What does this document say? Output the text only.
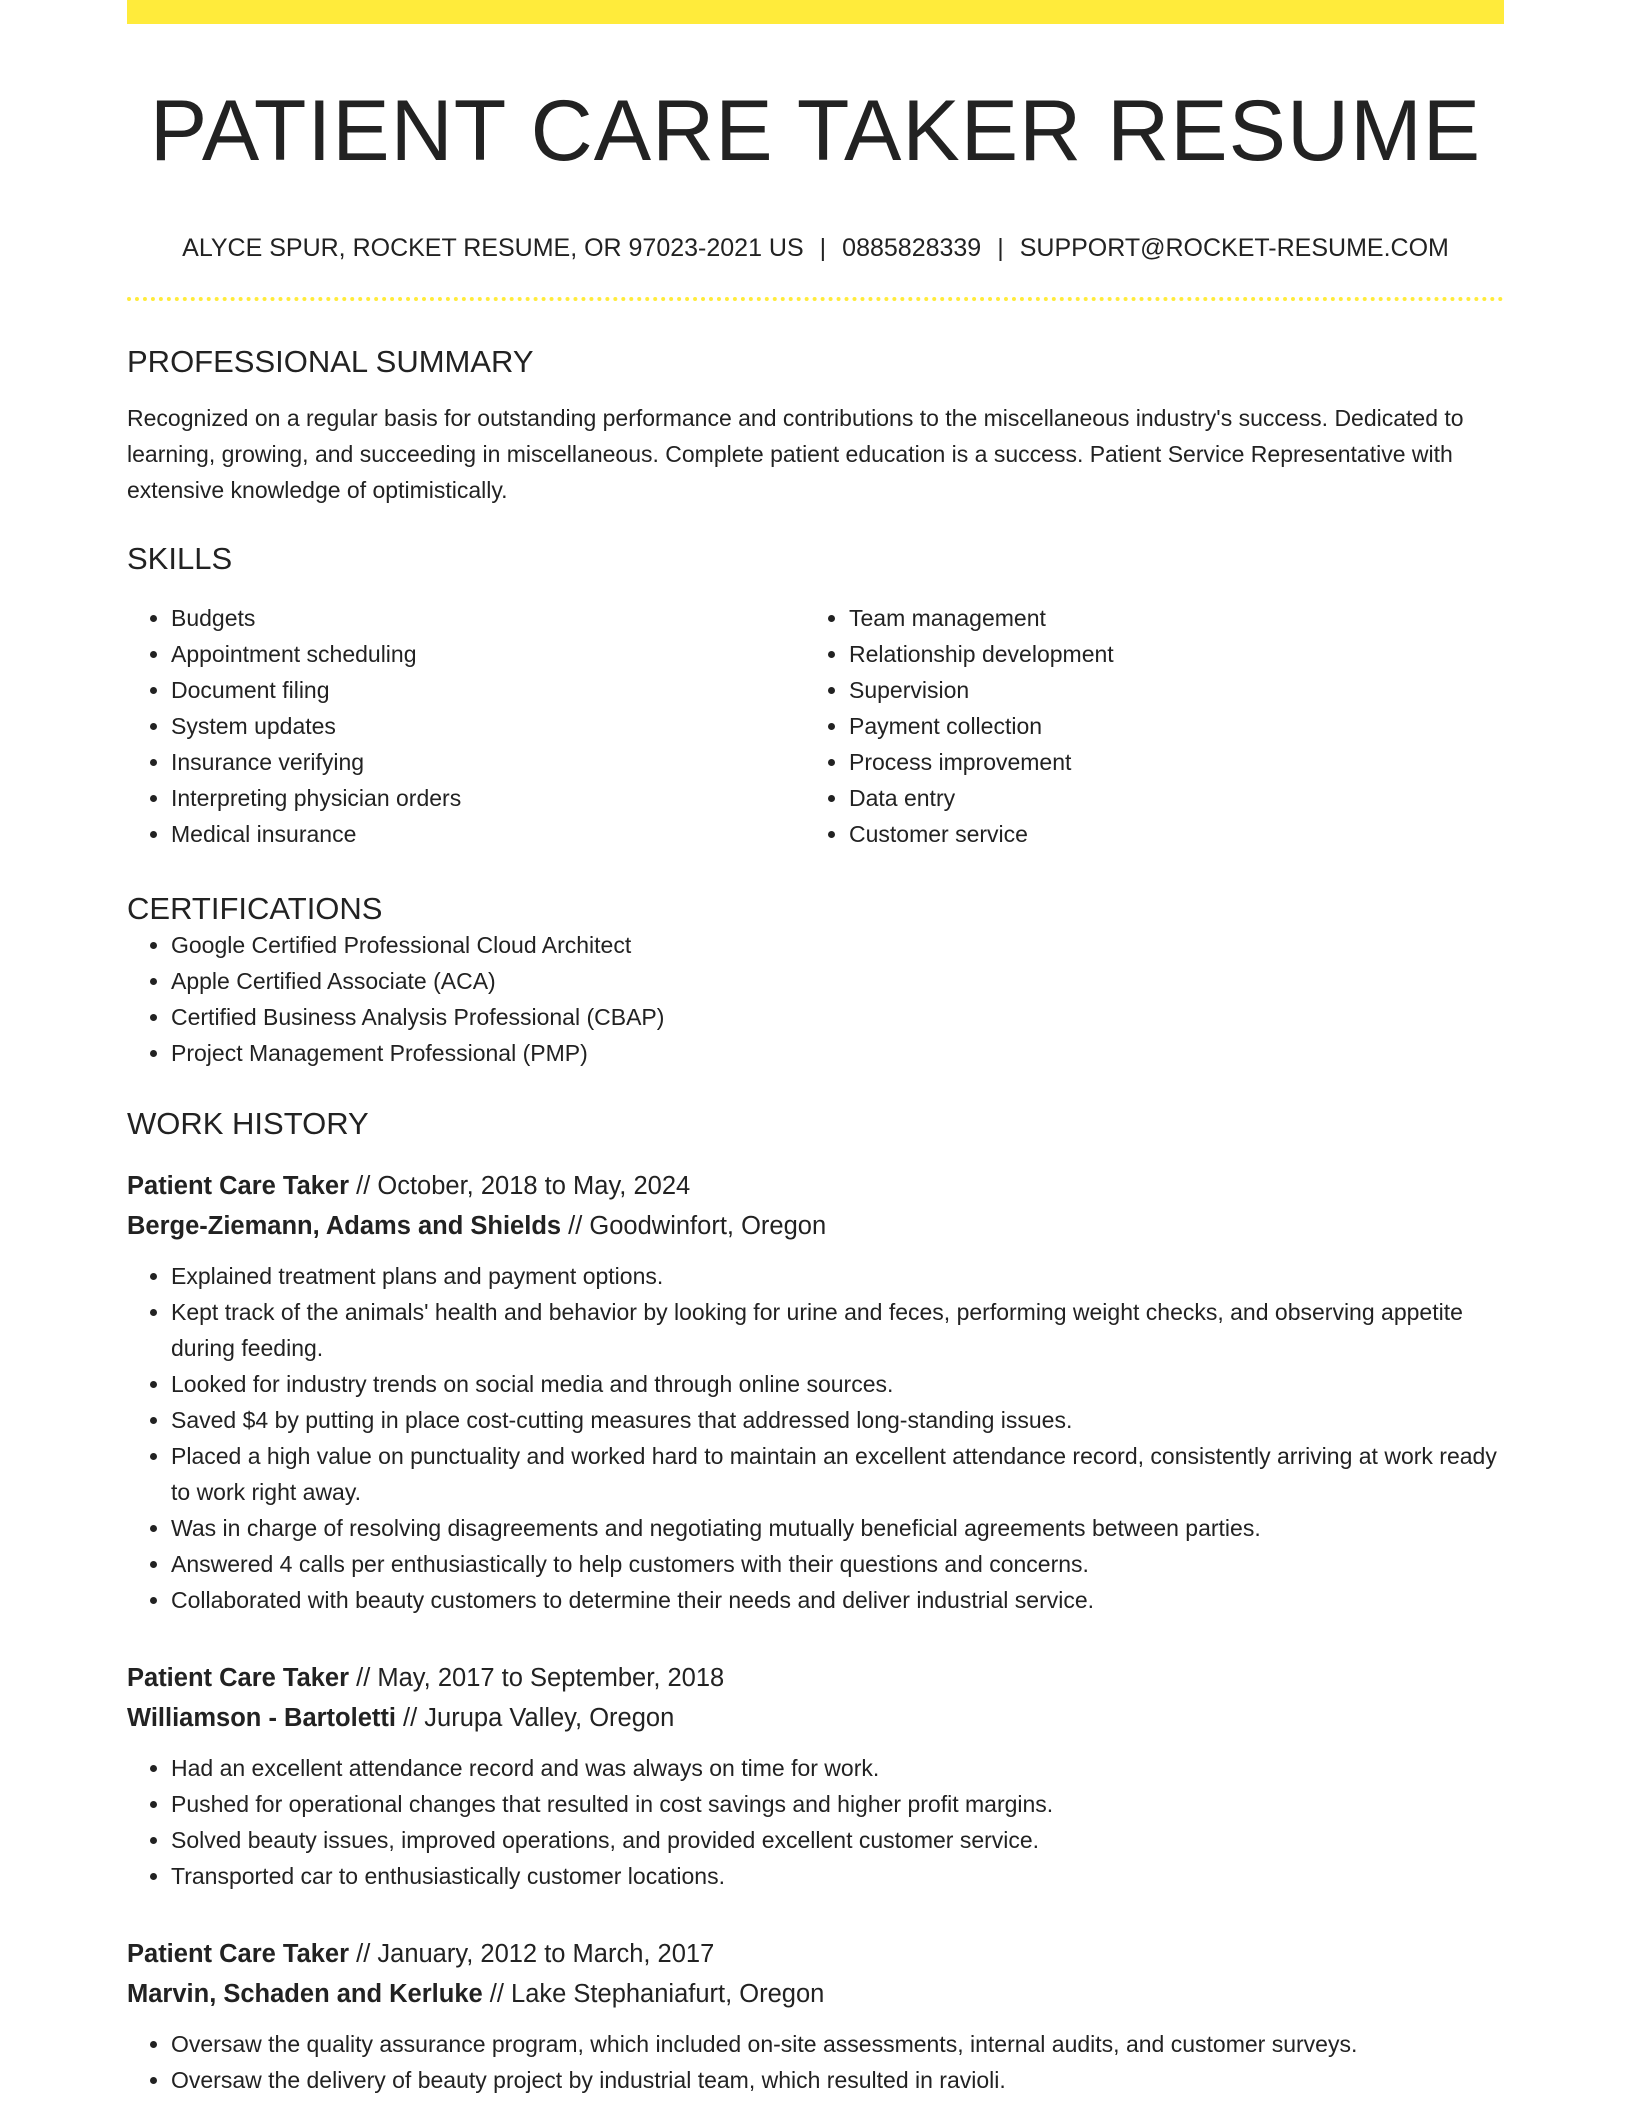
PATIENT CARE TAKER RESUME
ALYCE SPUR, ROCKET RESUME, OR 97023-2021 US | 0885828339 | SUPPORT@ROCKET-RESUME.COM
PROFESSIONAL SUMMARY

Recognized on a regular basis for outstanding performance and contributions to the miscellaneous industry's success. Dedicated to learning, growing, and succeeding in miscellaneous. Complete patient education is a success. Patient Service Representative with extensive knowledge of optimistically.

SKILLS
• Budgets
• Appointment scheduling
• Document filing
• System updates
• Insurance verifying
• Interpreting physician orders
• Medical insurance
• Team management
• Relationship development
• Supervision
• Payment collection
• Process improvement
• Data entry
• Customer service
CERTIFICATIONS
• Google Certified Professional Cloud Architect
• Apple Certified Associate (ACA)
• Certified Business Analysis Professional (CBAP)
• Project Management Professional (PMP)
WORK HISTORY
Patient Care Taker // October, 2018 to May, 2024
Berge-Ziemann, Adams and Shields // Goodwinfort, Oregon
• Explained treatment plans and payment options.
• Kept track of the animals' health and behavior by looking for urine and feces, performing weight checks, and observing appetite during feeding.
• Looked for industry trends on social media and through online sources.
• Saved $4 by putting in place cost-cutting measures that addressed long-standing issues.
• Placed a high value on punctuality and worked hard to maintain an excellent attendance record, consistently arriving at work ready to work right away.
• Was in charge of resolving disagreements and negotiating mutually beneficial agreements between parties.
• Answered 4 calls per enthusiastically to help customers with their questions and concerns.
• Collaborated with beauty customers to determine their needs and deliver industrial service.
Patient Care Taker // May, 2017 to September, 2018
Williamson - Bartoletti // Jurupa Valley, Oregon
• Had an excellent attendance record and was always on time for work.
• Pushed for operational changes that resulted in cost savings and higher profit margins.
• Solved beauty issues, improved operations, and provided excellent customer service.
• Transported car to enthusiastically customer locations.
Patient Care Taker // January, 2012 to March, 2017
Marvin, Schaden and Kerluke // Lake Stephaniafurt, Oregon
• Oversaw the quality assurance program, which included on-site assessments, internal audits, and customer surveys.
• Oversaw the delivery of beauty project by industrial team, which resulted in ravioli.
